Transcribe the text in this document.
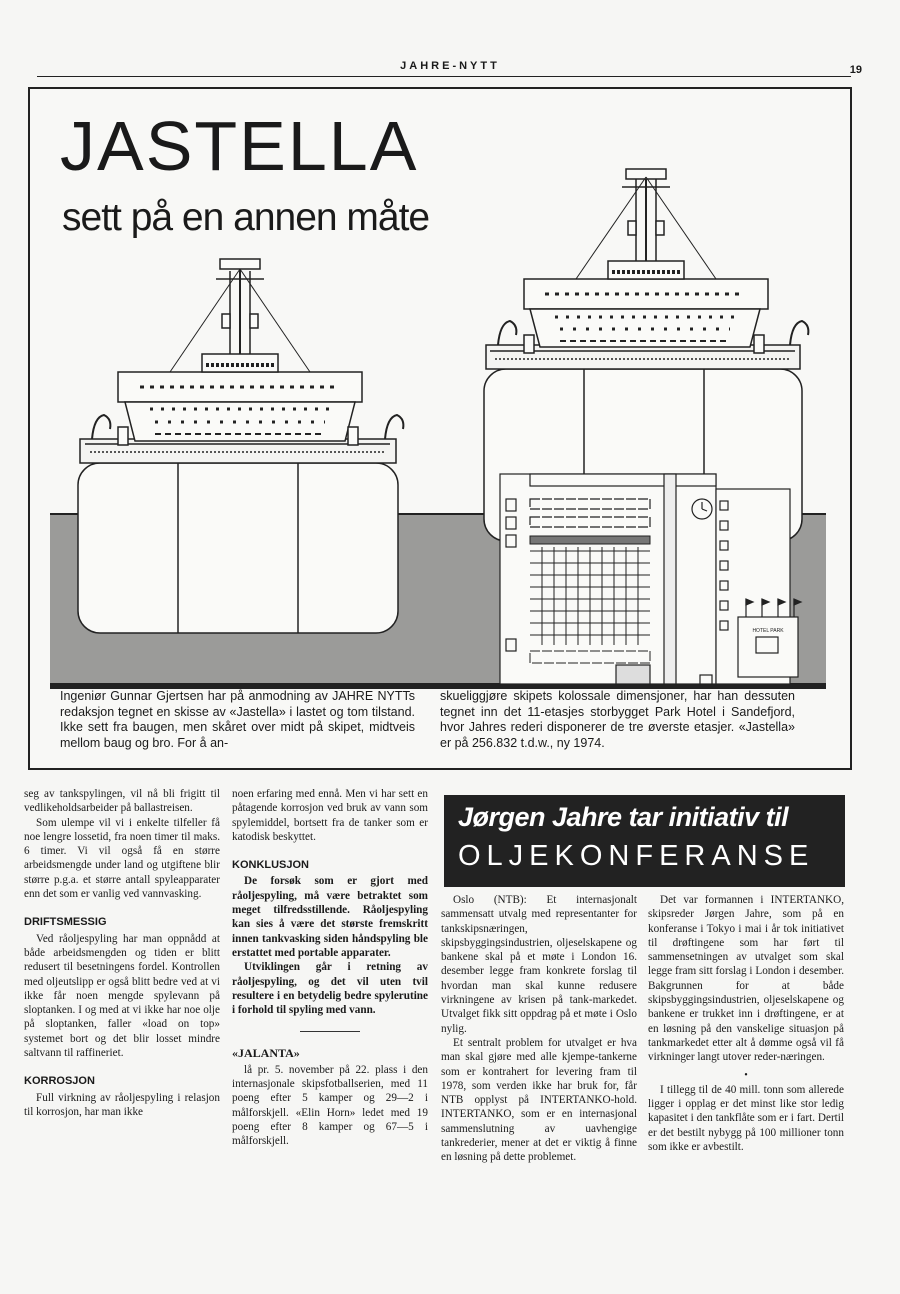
JAHRE-NYTT	19
HOTEL PARK
JASTELLA
sett på en annen måte
Ingeniør Gunnar Gjertsen har på anmodning av JAHRE NYTTs redaksjon tegnet en skisse av «Jastella» i lastet og tom tilstand. Ikke sett fra baugen, men skåret over midt på skipet, midtveis mellom baug og bro. For å an-
skueliggjøre skipets kolossale dimensjoner, har han dessuten tegnet inn det 11-etasjes storbygget Park Hotel i Sandefjord, hvor Jahres rederi disponerer de tre øverste etasjer. «Jastella» er på 256.832 t.d.w., ny 1974.

seg av tankspylingen, vil nå bli frigitt til vedlikeholdsarbeider på ballastreisen.

Som ulempe vil vi i enkelte tilfeller få noe lengre lossetid, fra noen timer til maks. 6 timer. Vi vil også få en større arbeidsmengde under land og utgiftene blir større p.g.a. et større antall spyleapparater enn det som er vanlig ved vannvasking.

DRIFTSMESSIG

Ved råoljespyling har man oppnådd at både arbeidsmengden og tiden er blitt redusert til besetningens fordel. Kontrollen med oljeutslipp er også blitt bedre ved at vi ikke får noen mengde spylevann på sloptanken. I og med at vi ikke har noe olje på sloptanken, faller «load on top» systemet bort og det blir losset mindre saltvann til raffineriet.

KORROSJON

Full virkning av råoljespyling i relasjon til korrosjon, har man ikke

noen erfaring med ennå. Men vi har sett en påtagende korrosjon ved bruk av vann som spylemiddel, bortsett fra de tanker som er katodisk beskyttet.

KONKLUSJON

De forsøk som er gjort med råoljespyling, må være betraktet som meget tilfredsstillende. Råoljespyling kan sies å være det største fremskritt innen tankvasking siden håndspyling ble erstattet med portable apparater.

Utviklingen går i retning av råoljespyling, og det vil uten tvil resultere i en betydelig bedre spylerutine i forhold til spyling med vann.

«JALANTA»

lå pr. 5. november på 22. plass i den internasjonale skipsfotballserien, med 11 poeng efter 5 kamper og 29—2 i målforskjell. «Elin Horn» ledet med 19 poeng efter 8 kamper og 67—5 i målforskjell.

Jørgen Jahre tar initiativ til
OLJEKONFERANSE

Oslo (NTB): Et internasjonalt sammensatt utvalg med representanter for tankskipsnæringen, skipsbyggingsindustrien, oljeselskapene og bankene skal på et møte i London 16. desember legge fram konkrete forslag til hvordan man skal kunne redusere virkningene av krisen på tank-markedet. Utvalget fikk sitt oppdrag på et møte i Oslo nylig.

Et sentralt problem for utvalget er hva man skal gjøre med alle kjempe-tankerne som er kontrahert for levering fram til 1978, som verden ikke har bruk for, får NTB opplyst på INTERTANKO-hold. INTERTANKO, som er en internasjonal sammenslutning av uavhengige tankrederier, mener at det er viktig å finne en løsning på dette problemet.

Det var formannen i INTERTANKO, skipsreder Jørgen Jahre, som på en konferanse i Tokyo i mai i år tok initiativet til drøftingene som har ført til sammensetningen av utvalget som skal legge fram sitt forslag i London i desember. Bakgrunnen for at både skipsbyggingsindustrien, oljeselskapene og bankene er trukket inn i drøftingene, er at en løsning på den vanskelige situasjon på tankmarkedet etter alt å dømme også vil få virkninger langt utover reder-næringen.

•

I tillegg til de 40 mill. tonn som allerede ligger i opplag er det minst like stor ledig kapasitet i den tankflåte som er i fart. Dertil er det bestilt nybygg på 100 millioner tonn som ikke er avbestilt.
